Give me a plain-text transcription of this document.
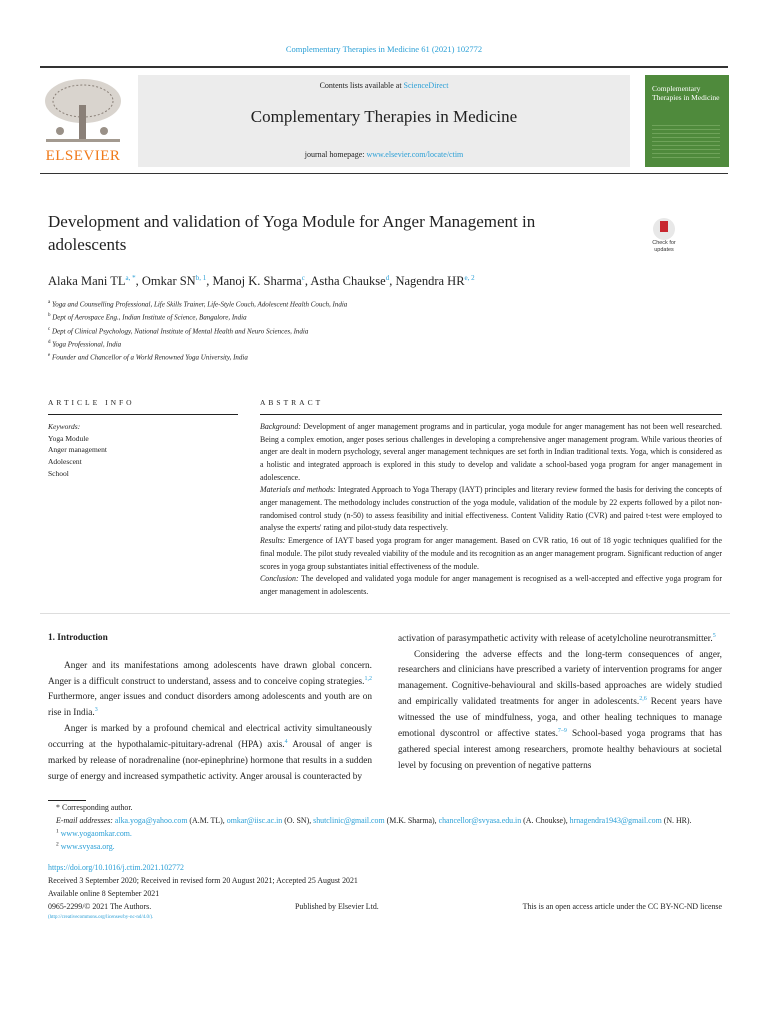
Complementary Therapies in Medicine 61 (2021) 102772
ELSEVIER
Contents lists available at ScienceDirect
Complementary Therapies in Medicine
journal homepage: www.elsevier.com/locate/ctim
Complementary Therapies in Medicine
Development and validation of Yoga Module for Anger Management in adolescents	Check for updates
Alaka Mani $TL^{a, *}$, Omkar SN$^{b, 1}$, Manoj K. Sharma$^c$, Astha Chaukse$^d$, Nagendra HR$^{e, 2}$
$^a$ Yoga and Counselling Professional, Life Skills Trainer, Life-Style Couch, Adolescent Health Couch, India
$^b$ Dept of Aerospace Eng., Indian Institute of Science, Bangalore, India
$^c$ Dept of Clinical Psychology, National Institute of Mental Health and Neuro Sciences, India
$^d$ Yoga Professional, India
$^e$ Founder and Chancellor of a World Renowned Yoga University, India
ARTICLE INFO
Keywords:
Yoga Module
Anger management
Adolescent
School
ABSTRACT
Background: Development of anger management programs and in particular, yoga module for anger management has not been well researched. Being a complex emotion, anger poses serious challenges in developing a comprehensive anger management program. While various theories of anger are dealt in modern psychology, several anger management techniques are set forth in Indian traditional texts. Yoga, which is considered as a holistic and integrated approach is explored in this study to develop and validate a school-based yoga program for anger management in adolescence.
Materials and methods: Integrated Approach to Yoga Therapy (IAYT) principles and literary review formed the basis for deriving the concepts of anger management. The methodology includes construction of the yoga module, validation of the module by 22 experts followed by a pilot non-randomised control study (n-50) to assess feasibility and initial effectiveness. Content Validity Ratio (CVR) and paired t-test were employed to analyse the experts' rating and pilot-study data respectively.
Results: Emergence of IAYT based yoga program for anger management. Based on CVR ratio, 16 out of 18 yogic techniques qualified for the final module. The pilot study revealed viability of the module and its recognition as an anger management program. Significant reduction of anger scores in yoga group substantiates initial effectiveness of the module.
Conclusion: The developed and validated yoga module for anger management is recognised as a well-accepted and effective yoga program for anger management in adolescents.
1. Introduction

Anger and its manifestations among adolescents have drawn global concern. Anger is a difficult construct to understand, assess and to conceive coping strategies.$^{1,2}$ Furthermore, anger issues and conduct disorders among adolescents and youth are on rise in India.$^3$

Anger is marked by a profound chemical and electrical activity simultaneously occurring at the hypothalamic-pituitary-adrenal (HPA) axis.$^4$ Arousal of anger is marked by release of noradrenaline (nor-epinephrine) hormone that results in a sudden surge of energy and increased sympathetic activity. Anger arousal is counteracted by

activation of parasympathetic activity with release of acetylcholine neurotransmitter.$^5$

Considering the adverse effects and the long-term consequences of anger, researchers and clinicians have prescribed a variety of intervention programs for anger management. Cognitive-behavioural and skills-based approaches are widely studied and empirically validated treatments for anger in adolescents.$^{2,6}$ Recent years have witnessed the use of mindfulness, yoga, and other healing techniques to manage emotional dyscontrol or affective states.$^{7-9}$ School-based yoga programs that has gathered special interest among researchers, promote healthy behaviours at societal level by focusing on prevention of negative patterns

* Corresponding author.
E-mail addresses: alka.yoga@yahoo.com (A.M. TL), omkar@iisc.ac.in (O. SN), shutclinic@gmail.com (M.K. Sharma), chancellor@svyasa.edu.in (A. Choukse), hrnagendra1943@gmail.com (N. HR).
$^1$ www.yogaomkar.com.
$^2$ www.svyasa.org.
https://doi.org/10.1016/j.ctim.2021.102772
Received 3 September 2020; Received in revised form 20 August 2021; Accepted 25 August 2021
Available online 8 September 2021
0965-2299/© 2021 The Authors.	Published by Elsevier Ltd.	This is an open access article under the CC BY-NC-ND license
(http://creativecommons.org/licenses/by-nc-nd/4.0/).
